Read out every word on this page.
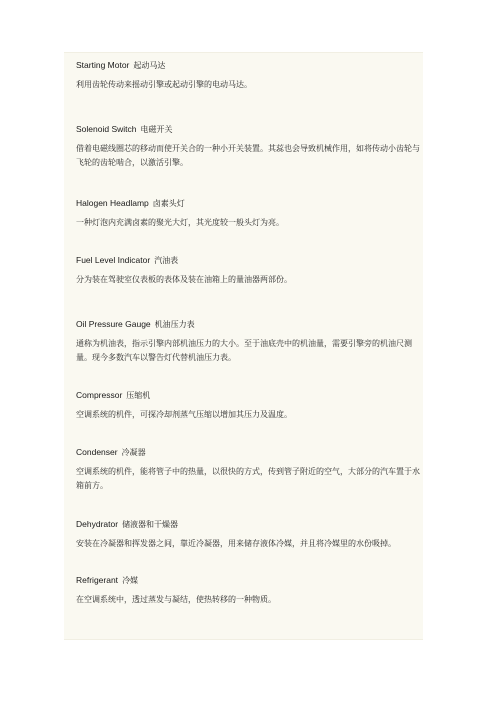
Starting Motor 起动马达
利用齿轮传动来摇动引擎或起动引擎的电动马达。
Solenoid Switch 电磁开关
借着电磁线圈芯的移动而使开关合的一种小开关装置。其蕊也会导致机械作用，如将传动小齿轮与飞轮的齿轮啮合，以激活引擎。
Halogen Headlamp 卤素头灯
一种灯泡内充满卤素的聚光大灯，其光度较一般头灯为亮。
Fuel Level Indicator 汽油表
分为装在驾驶室仪表板的表体及装在油箱上的量油器两部份。
Oil Pressure Gauge 机油压力表
通称为机油表，指示引擎内部机油压力的大小。至于油底壳中的机油量，需要引擎旁的机油尺测量。现今多数汽车以警告灯代替机油压力表。
Compressor 压缩机
空调系统的机件，可探冷却剂蒸气压缩以增加其压力及温度。
Condenser 冷凝器
空调系统的机件，能将管子中的热量，以很快的方式，传到管子附近的空气，大部分的汽车置于水箱前方。
Dehydrator 储液器和干燥器
安装在冷凝器和挥发器之间，靠近冷凝器，用来储存液体冷媒，并且将冷媒里的水份吸掉。
Refrigerant 冷媒
在空调系统中，透过蒸发与凝结，使热转移的一种物质。
